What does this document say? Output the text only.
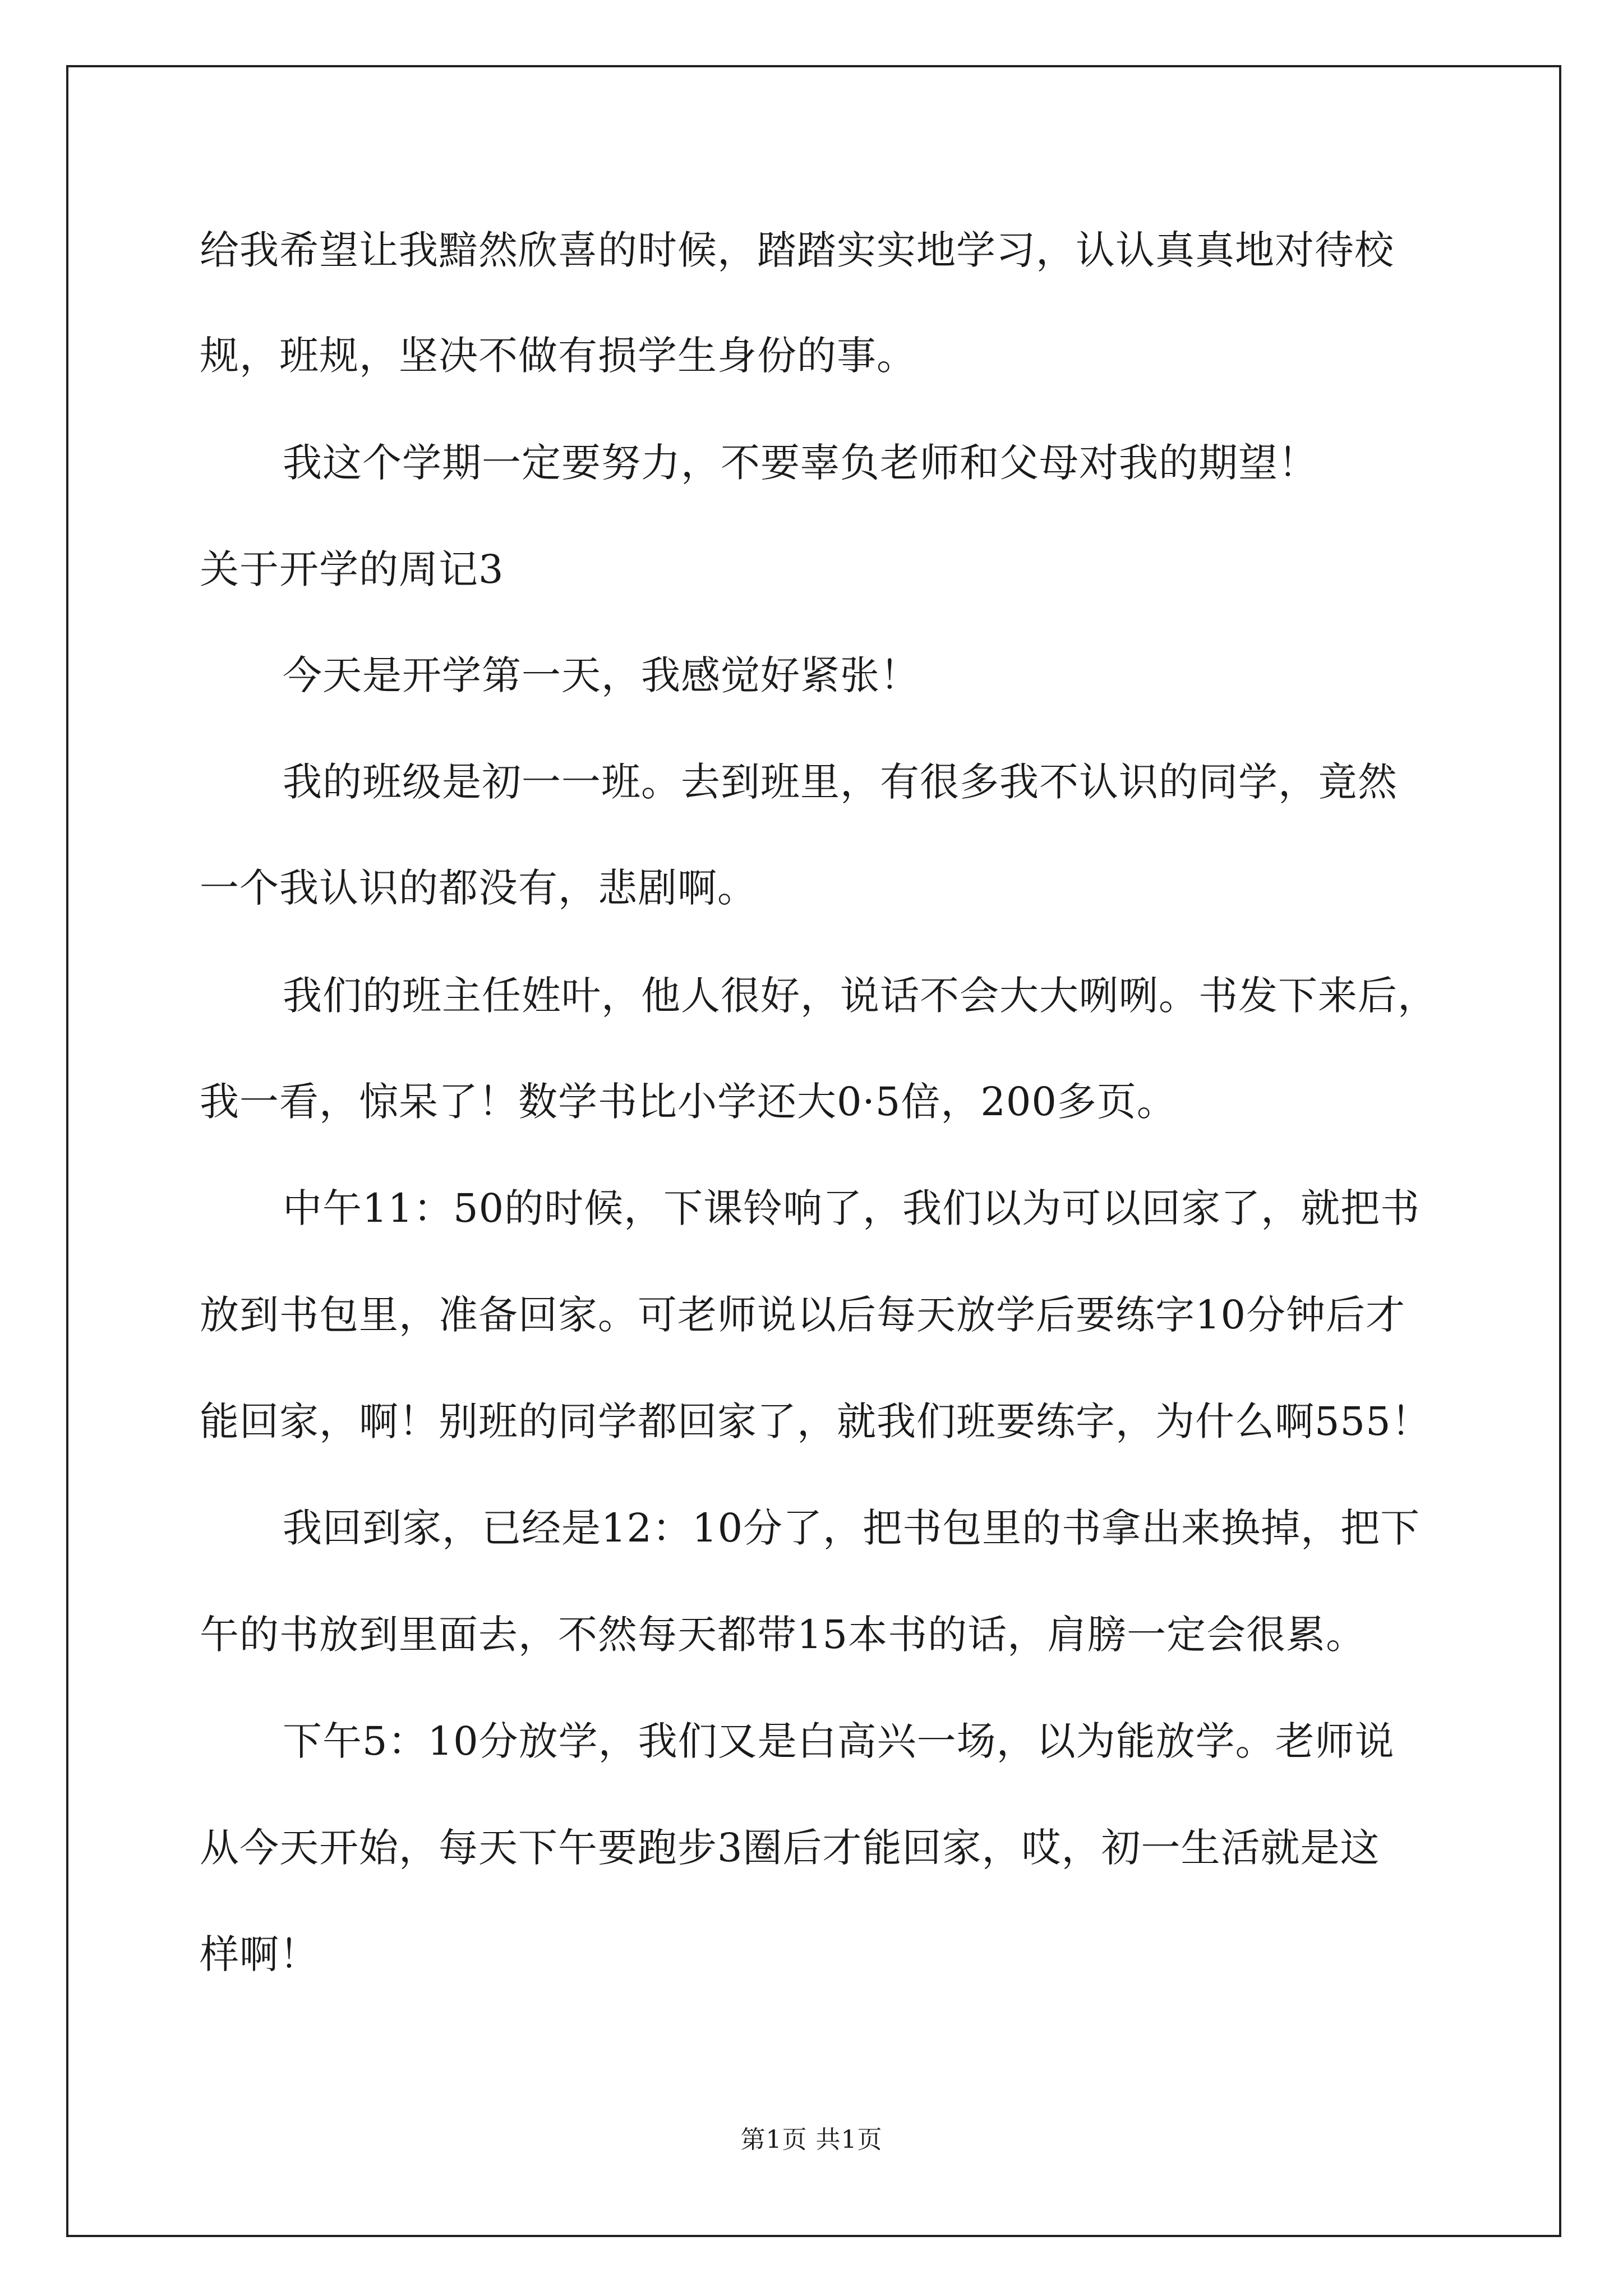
给我希望让我黯然欣喜的时候，踏踏实实地学习，认认真真地对待校
规，班规，坚决不做有损学生身份的事。
我这个学期一定要努力，不要辜负老师和父母对我的期望！
关于开学的周记3
今天是开学第一天，我感觉好紧张！
我的班级是初一一班。去到班里，有很多我不认识的同学，竟然
一个我认识的都没有，悲剧啊。
我们的班主任姓叶，他人很好，说话不会大大咧咧。书发下来后，
我一看，惊呆了！数学书比小学还大0·5倍，200多页。
中午11：50的时候，下课铃响了，我们以为可以回家了，就把书
放到书包里，准备回家。可老师说以后每天放学后要练字10分钟后才
能回家，啊！别班的同学都回家了，就我们班要练字，为什么啊555！
我回到家，已经是12：10分了，把书包里的书拿出来换掉，把下
午的书放到里面去，不然每天都带15本书的话，肩膀一定会很累。
下午5：10分放学，我们又是白高兴一场，以为能放学。老师说
从今天开始，每天下午要跑步3圈后才能回家，哎，初一生活就是这
样啊！
第1页 共1页
